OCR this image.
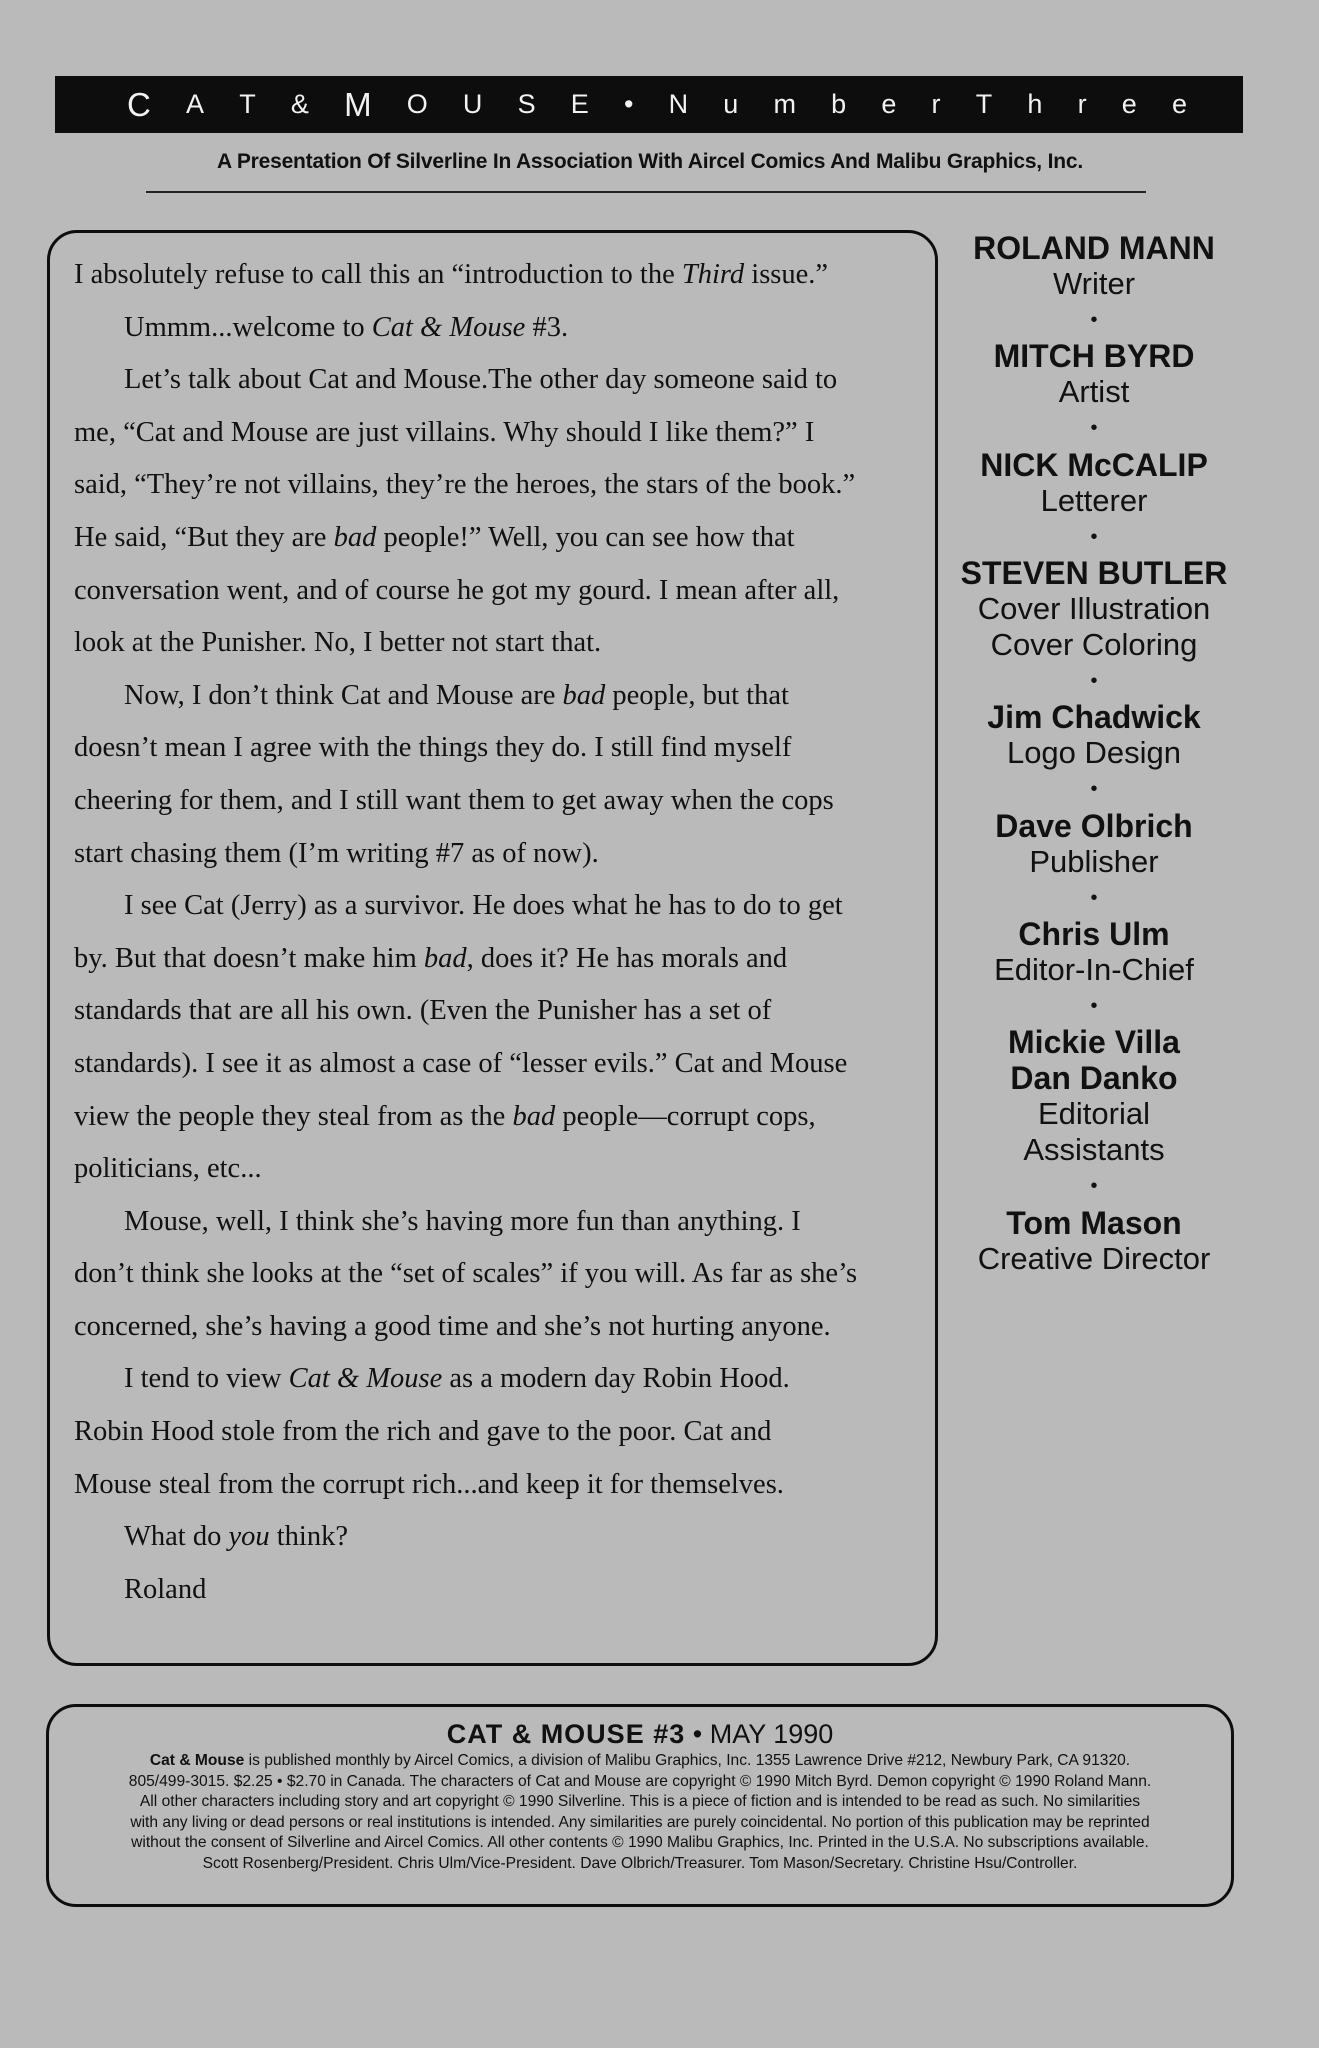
C A T & M O U S E • N u m b e r T h r e e
A Presentation Of Silverline In Association With Aircel Comics And Malibu Graphics, Inc.
I absolutely refuse to call this an “introduction to the Third issue.”
Ummm...welcome to Cat & Mouse #3.
Let’s talk about Cat and Mouse.The other day someone said to
me, “Cat and Mouse are just villains. Why should I like them?” I
said, “They’re not villains, they’re the heroes, the stars of the book.”
He said, “But they are bad people!” Well, you can see how that
conversation went, and of course he got my gourd. I mean after all,
look at the Punisher. No, I better not start that.
Now, I don’t think Cat and Mouse are bad people, but that
doesn’t mean I agree with the things they do. I still find myself
cheering for them, and I still want them to get away when the cops
start chasing them (I’m writing #7 as of now).
I see Cat (Jerry) as a survivor. He does what he has to do to get
by. But that doesn’t make him bad, does it? He has morals and
standards that are all his own. (Even the Punisher has a set of
standards). I see it as almost a case of “lesser evils.” Cat and Mouse
view the people they steal from as the bad people—corrupt cops,
politicians, etc...
Mouse, well, I think she’s having more fun than anything. I
don’t think she looks at the “set of scales” if you will. As far as she’s
concerned, she’s having a good time and she’s not hurting anyone.
I tend to view Cat & Mouse as a modern day Robin Hood.
Robin Hood stole from the rich and gave to the poor. Cat and
Mouse steal from the corrupt rich...and keep it for themselves.
What do you think?
Roland
ROLAND MANN
Writer
•
MITCH BYRD
Artist
•
NICK McCALIP
Letterer
•
STEVEN BUTLER
Cover Illustration
Cover Coloring
•
Jim Chadwick
Logo Design
•
Dave Olbrich
Publisher
•
Chris Ulm
Editor-In-Chief
•
Mickie Villa
Dan Danko
Editorial
Assistants
•
Tom Mason
Creative Director
CAT & MOUSE #3 • MAY 1990
Cat & Mouse is published monthly by Aircel Comics, a division of Malibu Graphics, Inc. 1355 Lawrence Drive #212, Newbury Park, CA 91320.
805/499-3015. $2.25 • $2.70 in Canada. The characters of Cat and Mouse are copyright © 1990 Mitch Byrd. Demon copyright © 1990 Roland Mann.
All other characters including story and art copyright © 1990 Silverline. This is a piece of fiction and is intended to be read as such. No similarities
with any living or dead persons or real institutions is intended. Any similarities are purely coincidental. No portion of this publication may be reprinted
without the consent of Silverline and Aircel Comics. All other contents © 1990 Malibu Graphics, Inc. Printed in the U.S.A. No subscriptions available.
Scott Rosenberg/President. Chris Ulm/Vice-President. Dave Olbrich/Treasurer. Tom Mason/Secretary. Christine Hsu/Controller.
